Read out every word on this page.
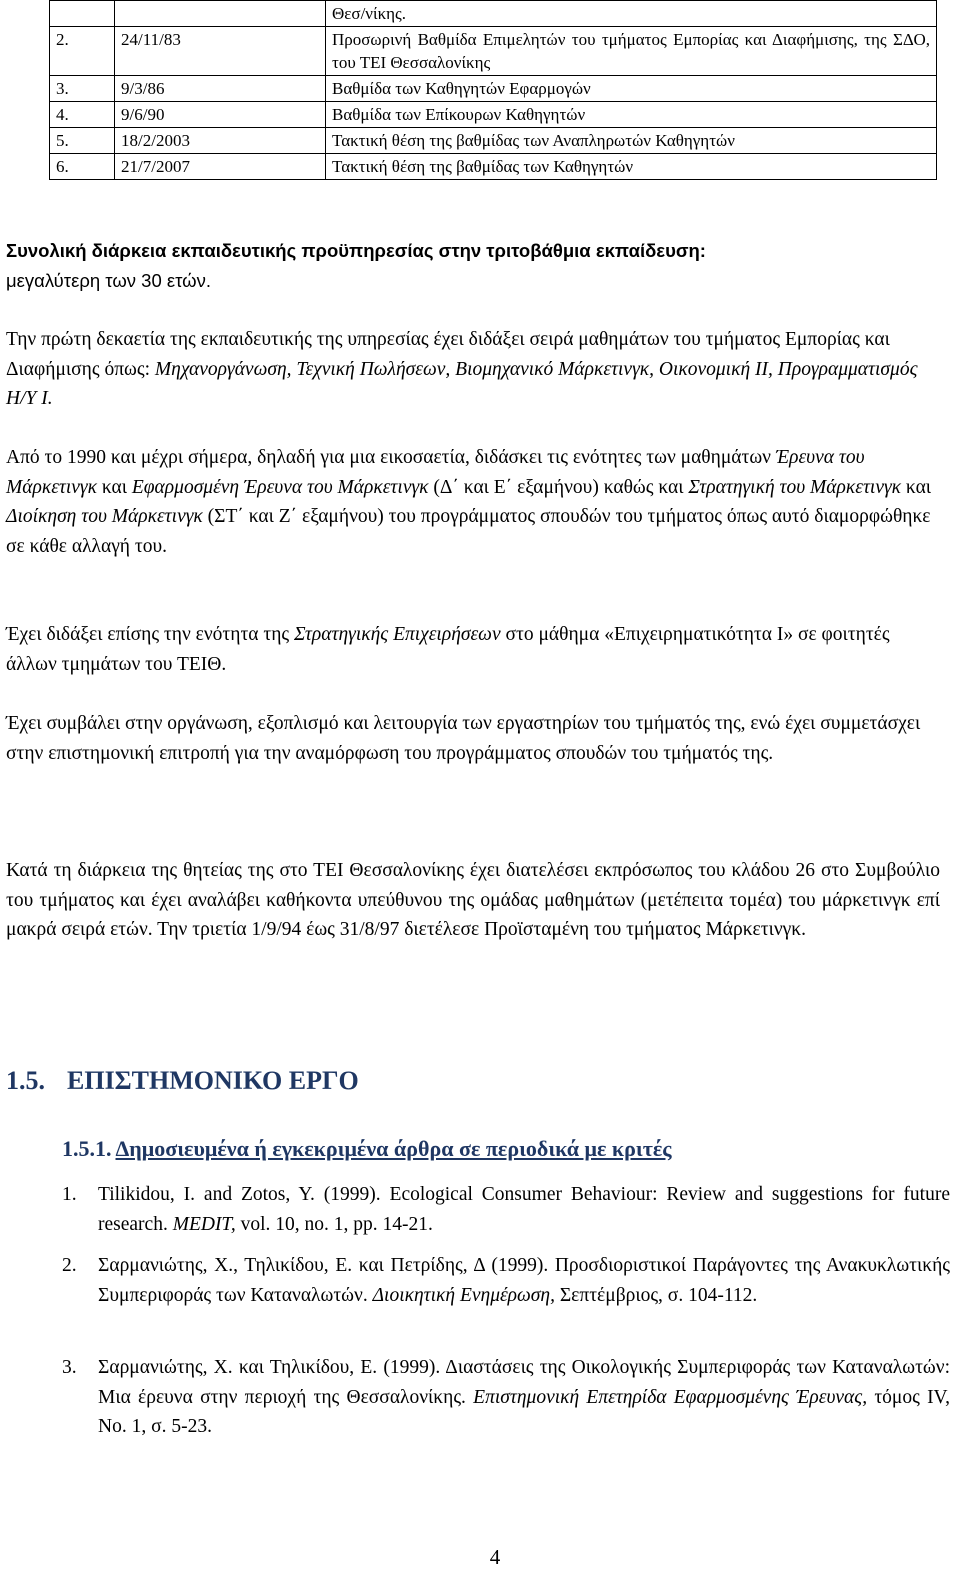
		Θεσ/νίκης.
2.	24/11/83	Προσωρινή Βαθμίδα Επιμελητών του τμήματος Εμπορίας και Διαφήμισης, της ΣΔΟ, του ΤΕΙ Θεσσαλονίκης
3.	9/3/86	Βαθμίδα των Καθηγητών Εφαρμογών
4.	9/6/90	Βαθμίδα των Επίκουρων Καθηγητών
5.	18/2/2003	Τακτική θέση της βαθμίδας των Αναπληρωτών Καθηγητών
6.	21/7/2007	Τακτική θέση της βαθμίδας των Καθηγητών
Συνολική διάρκεια εκπαιδευτικής προϋπηρεσίας στην τριτοβάθμια εκπαίδευση:
μεγαλύτερη των 30 ετών.
Την πρώτη δεκαετία της εκπαιδευτικής της υπηρεσίας έχει διδάξει σειρά μαθημάτων του τμήματος Εμπορίας και Διαφήμισης όπως: Μηχανοργάνωση, Τεχνική Πωλήσεων, Βιομηχανικό Μάρκετινγκ, Οικονομική ΙΙ, Προγραμματισμός Η/Υ Ι.
Από το 1990 και μέχρι σήμερα, δηλαδή για μια εικοσαετία, διδάσκει τις ενότητες των μαθημάτων Έρευνα του Μάρκετινγκ και Εφαρμοσμένη Έρευνα του Μάρκετινγκ (Δ΄ και Ε΄ εξαμήνου) καθώς και Στρατηγική του Μάρκετινγκ και Διοίκηση του Μάρκετινγκ (ΣΤ΄ και Ζ΄ εξαμήνου) του προγράμματος σπουδών του τμήματος όπως αυτό διαμορφώθηκε σε κάθε αλλαγή του.
Έχει διδάξει επίσης την ενότητα της Στρατηγικής Επιχειρήσεων στο μάθημα «Επιχειρηματικότητα Ι» σε φοιτητές άλλων τμημάτων του ΤΕΙΘ.
Έχει συμβάλει στην οργάνωση, εξοπλισμό και λειτουργία των εργαστηρίων του τμήματός της, ενώ έχει συμμετάσχει στην επιστημονική επιτροπή για την αναμόρφωση του προγράμματος σπουδών του τμήματός της.
Κατά τη διάρκεια της θητείας της στο ΤΕΙ Θεσσαλονίκης έχει διατελέσει εκπρόσωπος του κλάδου 26 στο Συμβούλιο του τμήματος και έχει αναλάβει καθήκοντα υπεύθυνου της ομάδας μαθημάτων (μετέπειτα τομέα) του μάρκετινγκ επί μακρά σειρά ετών. Την τριετία 1/9/94 έως 31/8/97 διετέλεσε Προϊσταμένη του τμήματος Μάρκετινγκ.
1.5. ΕΠΙΣΤΗΜΟΝΙΚΟ ΕΡΓΟ
1.5.1. Δημοσιευμένα ή εγκεκριμένα άρθρα σε περιοδικά με κριτές
1. Tilikidou, I. and Zotos, Y. (1999). Ecological Consumer Behaviour: Review and suggestions for future research. MEDIT, vol. 10, no. 1, pp. 14-21.
2. Σαρμανιώτης, Χ., Τηλικίδου, Ε. και Πετρίδης, Δ (1999). Προσδιοριστικοί Παράγοντες της Ανακυκλωτικής Συμπεριφοράς των Καταναλωτών. Διοικητική Ενημέρωση, Σεπτέμβριος, σ. 104-112.
3. Σαρμανιώτης, Χ. και Τηλικίδου, Ε. (1999). Διαστάσεις της Οικολογικής Συμπεριφοράς των Καταναλωτών: Μια έρευνα στην περιοχή της Θεσσαλονίκης. Επιστημονική Επετηρίδα Εφαρμοσμένης Έρευνας, τόμος IV, No. 1, σ. 5-23.
4
